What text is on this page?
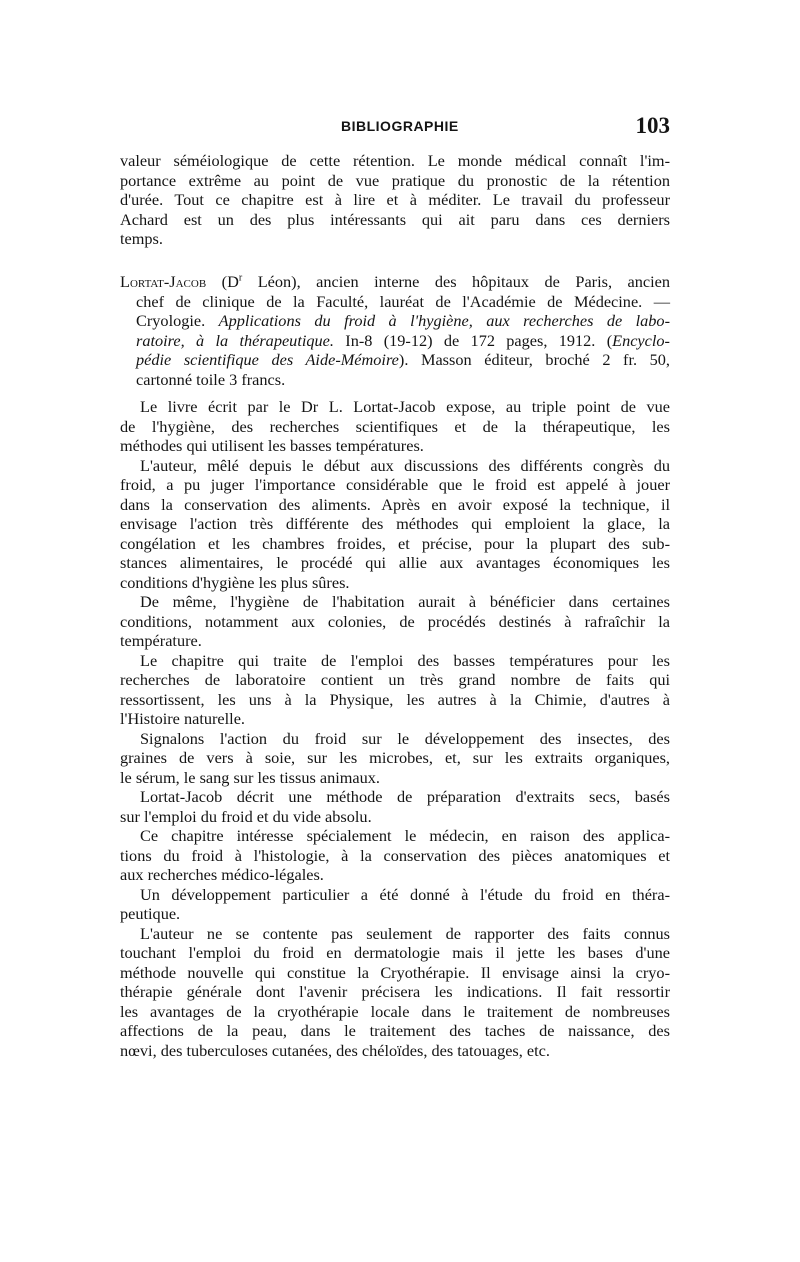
BIBLIOGRAPHIE	103
valeur séméiologique de cette rétention. Le monde médical connaît l'im-
portance extrême au point de vue pratique du pronostic de la rétention
d'urée. Tout ce chapitre est à lire et à méditer. Le travail du professeur
Achard est un des plus intéressants qui ait paru dans ces derniers
temps.
Lortat-Jacob ($D^r$ Léon), ancien interne des hôpitaux de Paris, ancien
chef de clinique de la Faculté, lauréat de l'Académie de Médecine. —
Cryologie. Applications du froid à l'hygiène, aux recherches de labo-
ratoire, à la thérapeutique. In-8 (19-12) de 172 pages, 1912. (Encyclo-
pédie scientifique des Aide-Mémoire). Masson éditeur, broché 2 fr. 50,
cartonné toile 3 francs.
Le livre écrit par le Dr L. Lortat-Jacob expose, au triple point de vue
de l'hygiène, des recherches scientifiques et de la thérapeutique, les
méthodes qui utilisent les basses températures.
L'auteur, mêlé depuis le début aux discussions des différents congrès du
froid, a pu juger l'importance considérable que le froid est appelé à jouer
dans la conservation des aliments. Après en avoir exposé la technique, il
envisage l'action très différente des méthodes qui emploient la glace, la
congélation et les chambres froides, et précise, pour la plupart des sub-
stances alimentaires, le procédé qui allie aux avantages économiques les
conditions d'hygiène les plus sûres.
De même, l'hygiène de l'habitation aurait à bénéficier dans certaines
conditions, notamment aux colonies, de procédés destinés à rafraîchir la
température.
Le chapitre qui traite de l'emploi des basses températures pour les
recherches de laboratoire contient un très grand nombre de faits qui
ressortissent, les uns à la Physique, les autres à la Chimie, d'autres à
l'Histoire naturelle.
Signalons l'action du froid sur le développement des insectes, des
graines de vers à soie, sur les microbes, et, sur les extraits organiques,
le sérum, le sang sur les tissus animaux.
Lortat-Jacob décrit une méthode de préparation d'extraits secs, basés
sur l'emploi du froid et du vide absolu.
Ce chapitre intéresse spécialement le médecin, en raison des applica-
tions du froid à l'histologie, à la conservation des pièces anatomiques et
aux recherches médico-légales.
Un développement particulier a été donné à l'étude du froid en théra-
peutique.
L'auteur ne se contente pas seulement de rapporter des faits connus
touchant l'emploi du froid en dermatologie mais il jette les bases d'une
méthode nouvelle qui constitue la Cryothérapie. Il envisage ainsi la cryo-
thérapie générale dont l'avenir précisera les indications. Il fait ressortir
les avantages de la cryothérapie locale dans le traitement de nombreuses
affections de la peau, dans le traitement des taches de naissance, des
nœvi, des tuberculoses cutanées, des chéloïdes, des tatouages, etc.
